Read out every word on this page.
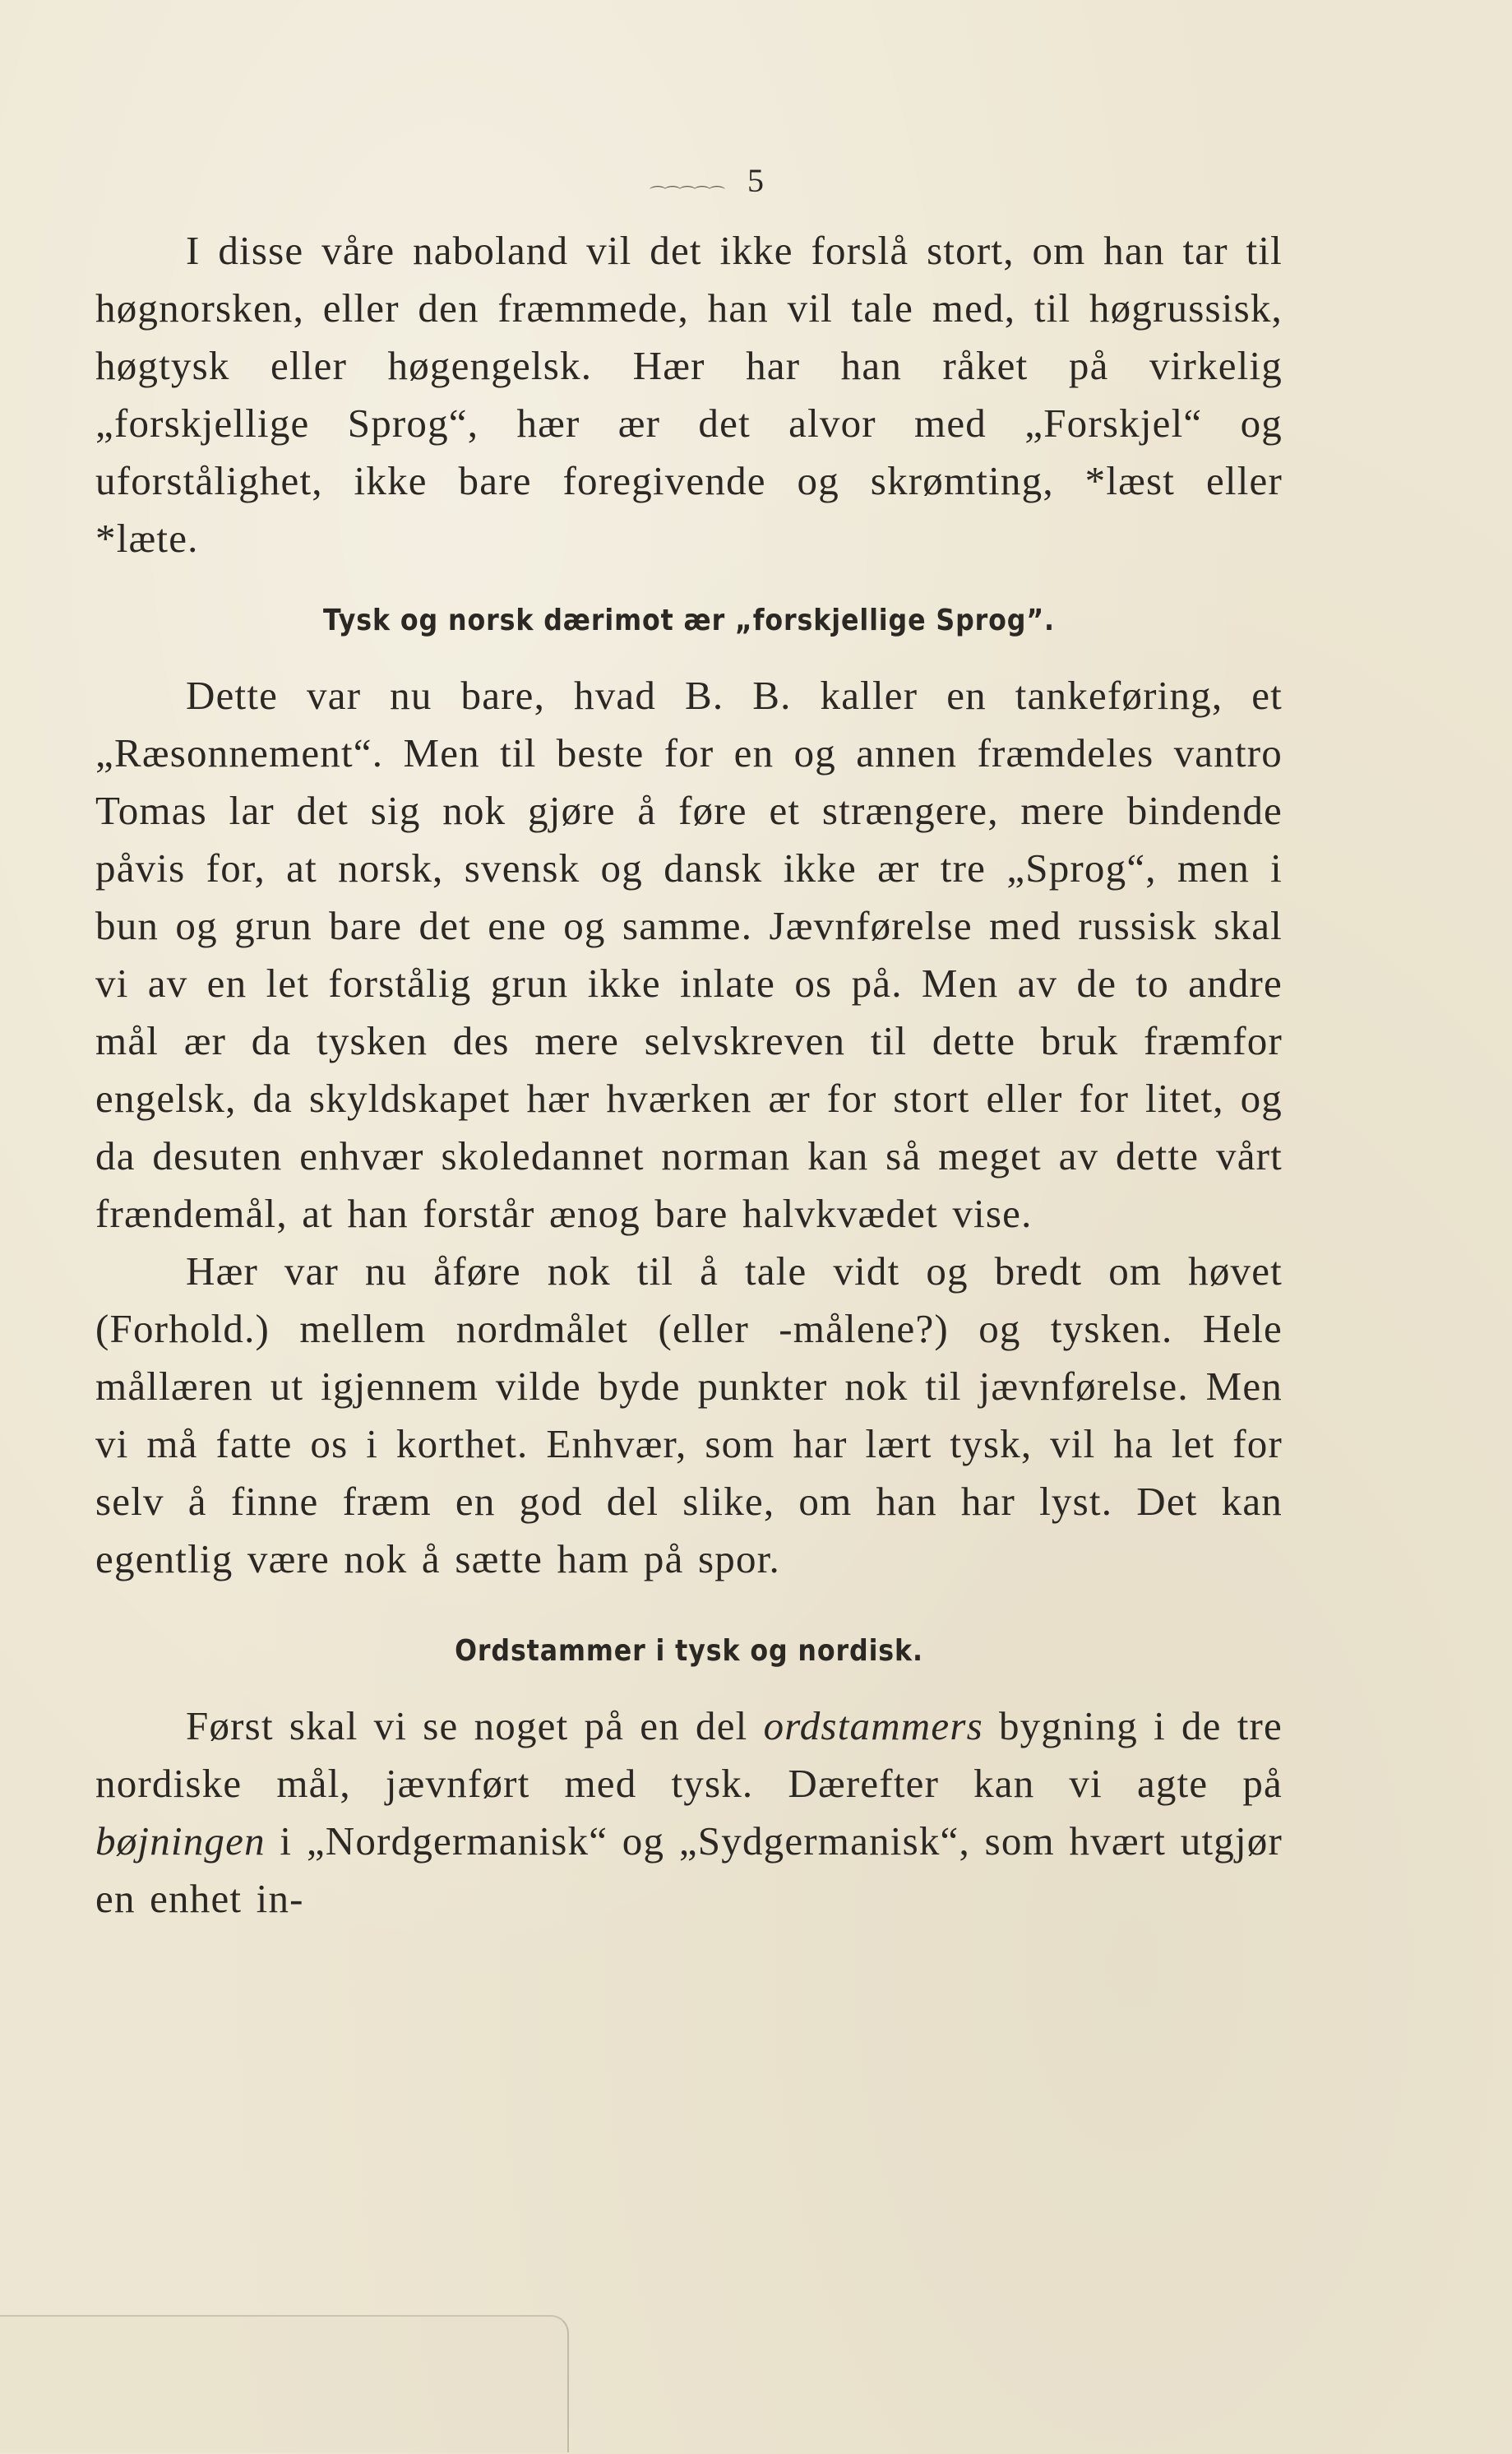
5
⌒⌒⌒⌒⌒

I disse våre naboland vil det ikke forslå stort, om han tar til høgnorsken, eller den fræmmede, han vil tale med, til høgrussisk, høgtysk eller høgengelsk. Hær har han råket på virkelig „forskjellige Sprog“, hær ær det alvor med „Forskjel“ og uforstålighet, ikke bare foregivende og skrømting, *læst eller *læte.

Tysk og norsk dærimot ær „forskjellige Sprog”.

Dette var nu bare, hvad B. B. kaller en tankeføring, et „Ræsonnement“. Men til beste for en og annen fræmdeles vantro Tomas lar det sig nok gjøre å føre et strængere, mere bindende påvis for, at norsk, svensk og dansk ikke ær tre „Sprog“, men i bun og grun bare det ene og samme. Jævnførelse med russisk skal vi av en let forstålig grun ikke inlate os på. Men av de to andre mål ær da tysken des mere selvskreven til dette bruk fræmfor engelsk, da skyldskapet hær hværken ær for stort eller for litet, og da desuten enhvær skoledannet norman kan så meget av dette vårt frændemål, at han forstår ænog bare halvkvædet vise.

Hær var nu åføre nok til å tale vidt og bredt om høvet (Forhold.) mellem nordmålet (eller -målene?) og tysken. Hele mållæren ut igjennem vilde byde punkter nok til jævnførelse. Men vi må fatte os i korthet. Enhvær, som har lært tysk, vil ha let for selv å finne fræm en god del slike, om han har lyst. Det kan egentlig være nok å sætte ham på spor.

Ordstammer i tysk og nordisk.

Først skal vi se noget på en del ordstammers bygning i de tre nordiske mål, jævnført med tysk. Dærefter kan vi agte på bøjningen i „Nordgermanisk“ og „Sydgermanisk“, som hvært utgjør en enhet in-
